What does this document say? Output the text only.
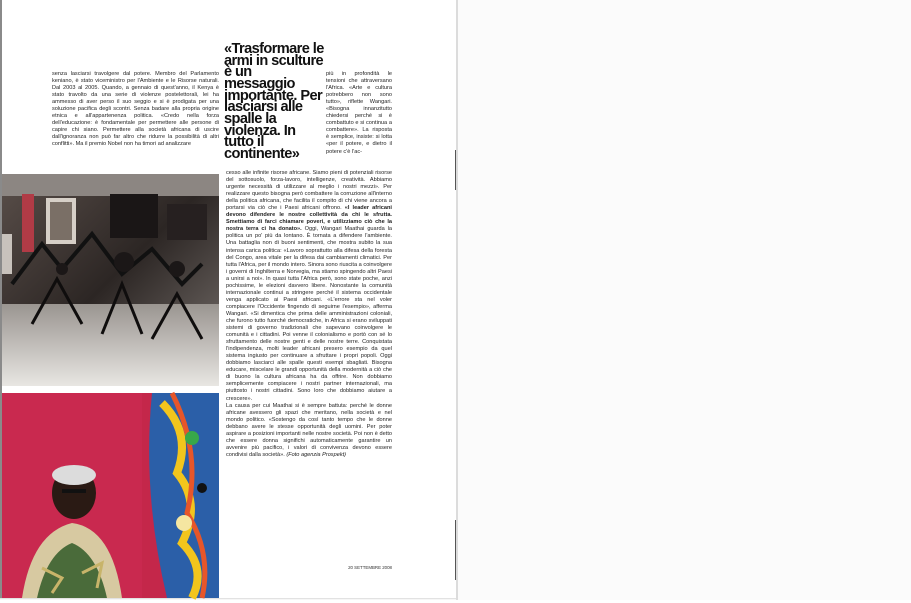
senza lasciarsi travolgere dal potere. Membro del Parlamento keniano, è stato viceministro per l'Ambiente e le Risorse naturali. Dal 2003 al 2005. Quando, a gennaio di quest'anno, il Kenya è stato travolto da una serie di violenze postelettorali, lei ha ammesso di aver perso il suo seggio e si è prodigata per una soluzione pacifica degli scontri. Senza badare alla propria origine etnica e all'appartenenza politica. «Credo nella forza dell'educazione: è fondamentale per permettere alle persone di capire chi siano. Permettere alla società africana di uscire dall'ignoranza non può far altro che ridurre la possibilità di altri conflitti». Ma il premio Nobel non ha timori ad analizzare
«Trasformare le armi in sculture è un messaggio importante. Per lasciarsi alle spalle la violenza. In tutto il continente»
più in profondità le tensioni che attraversano l'Africa. «Arte e cultura potrebbero non sono tutto», riflette Wangari. «Bisogna innanzitutto chiedersi perché si è combattuto e si continua a combattere». La risposta è semplice, insiste: si lotta «per il potere, e dietro il potere c'è l'ac-
cesso alle infinite risorse africane. Siamo pieni di potenziali risorse del sottosuolo, forza-lavoro, intelligenze, creatività. Abbiamo urgente necessità di utilizzare al meglio i nostri mezzi». Per realizzare questo bisogna però combattere la corruzione all'interno della politica africana, che facilita il compito di chi viene ancora a portarsi via ciò che i Paesi africani offrono. «I leader africani devono difendere le nostre collettività da chi le sfrutta. Smettiamo di farci chiamare poveri, e utilizziamo ciò che la nostra terra ci ha donato». Oggi, Wangari Maathai guarda la politica un po' più da lontano. È tornata a difendere l'ambiente. Una battaglia non di buoni sentimenti, che mostra subito la sua intensa carica politica: «Lavoro soprattutto alla difesa della foresta del Congo, area vitale per la difesa dai cambiamenti climatici. Per tutta l'Africa, per il mondo intero. Sinora sono riuscita a coinvolgere i governi di Inghilterra e Norvegia, ma stiamo spingendo altri Paesi a unirsi a noi». In quasi tutta l'Africa però, sono state poche, anzi pochissime, le elezioni davvero libere. Nonostante la comunità internazionale continui a stringere perché il sistema occidentale venga applicato ai Paesi africani. «L'errore sta nel voler compiacere l'Occidente fingendo di seguirne l'esempio», afferma Wangari. «Si dimentica che prima delle amministrazioni coloniali, che furono tutto fuorché democratiche, in Africa si erano sviluppati sistemi di governo tradizionali che sapevano coinvolgere le comunità e i cittadini. Poi venne il colonialismo e portò con sé lo sfruttamento delle nostre genti e delle nostre terre. Conquistata l'indipendenza, molti leader africani presero esempio da quel sistema ingiusto per continuare a sfruttare i propri popoli. Oggi dobbiamo lasciarci alle spalle questi esempi sbagliati. Bisogna educare, miscelare le grandi opportunità della modernità a ciò che di buono la cultura africana ha da offrire. Non dobbiamo semplicemente compiacere i nostri partner internazionali, ma piuttosto i nostri cittadini. Sono loro che dobbiamo aiutare a crescere».
La causa per cui Maathai si è sempre battuta: perché le donne africane avessero gli spazi che meritano, nella società e nel mondo politico. «Sostengo da così tanto tempo che le donne debbano avere le stesse opportunità degli uomini. Per poter aspirare a posizioni importanti nelle nostre società. Poi non è detto che essere donna significhi automaticamente garantire un avvenire più pacifico, i valori di convivenza devono essere condivisi dalla società». (Foto agenzia Prospekt)
20 SETTEMBRE 2008
